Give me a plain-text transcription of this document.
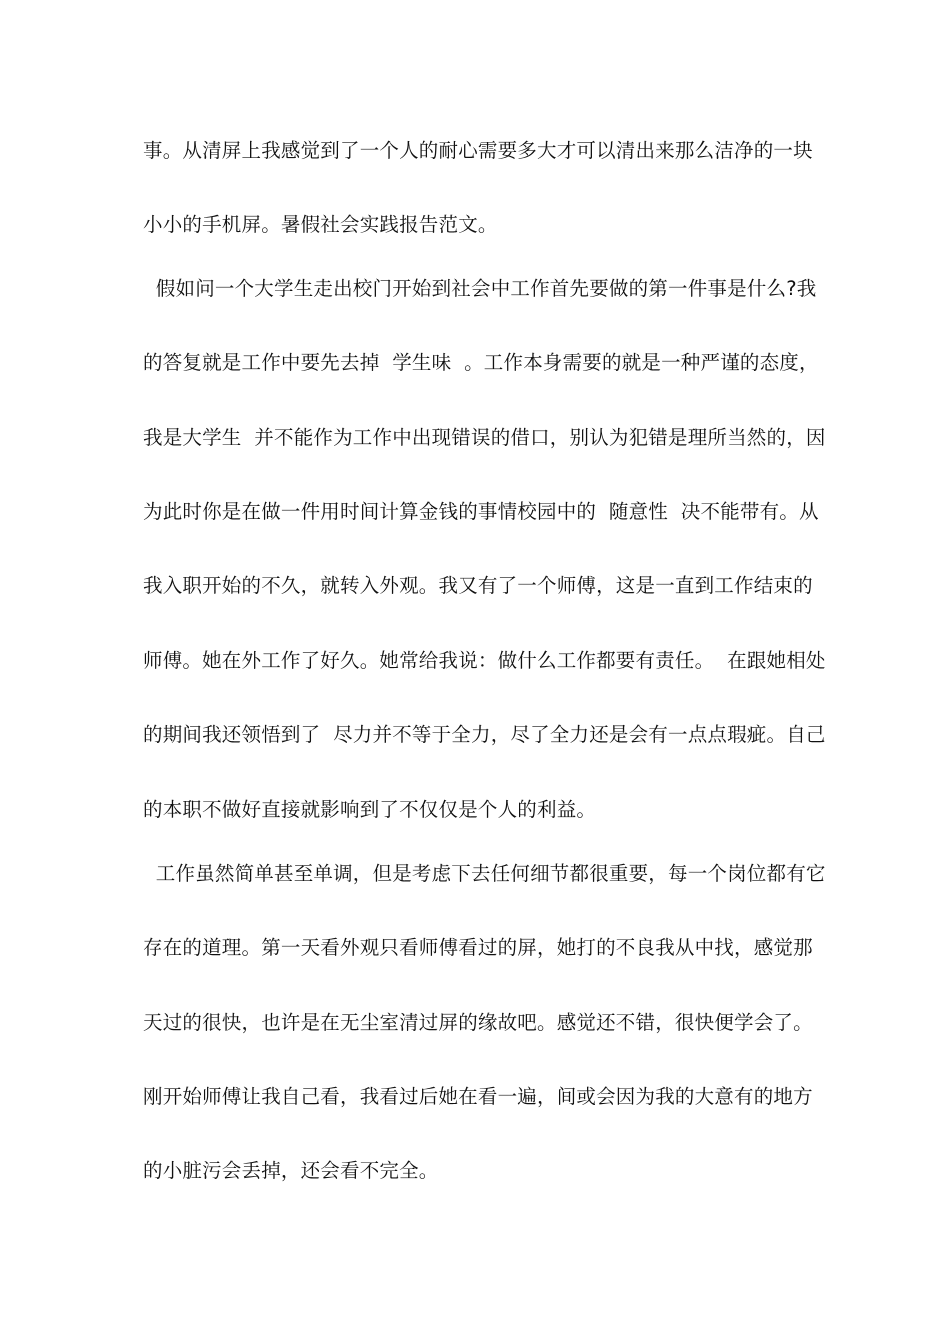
事。从清屏上我感觉到了一个人的耐心需要多大才可以清出来那么洁净的一块
小小的手机屏。暑假社会实践报告范文。
假如问一个大学生走出校门开始到社会中工作首先要做的第一件事是什么?我
的答复就是工作中要先去掉  学生味  。工作本身需要的就是一种严谨的态度，
我是大学生  并不能作为工作中出现错误的借口，别认为犯错是理所当然的，因
为此时你是在做一件用时间计算金钱的事情校园中的  随意性  决不能带有。从
我入职开始的不久，就转入外观。我又有了一个师傅，这是一直到工作结束的
师傅。她在外工作了好久。她常给我说：做什么工作都要有责任。  在跟她相处
的期间我还领悟到了  尽力并不等于全力，尽了全力还是会有一点点瑕疵。自己
的本职不做好直接就影响到了不仅仅是个人的利益。
工作虽然简单甚至单调，但是考虑下去任何细节都很重要，每一个岗位都有它
存在的道理。第一天看外观只看师傅看过的屏，她打的不良我从中找，感觉那
天过的很快，也许是在无尘室清过屏的缘故吧。感觉还不错，很快便学会了。
刚开始师傅让我自己看，我看过后她在看一遍，间或会因为我的大意有的地方
的小脏污会丢掉，还会看不完全。
